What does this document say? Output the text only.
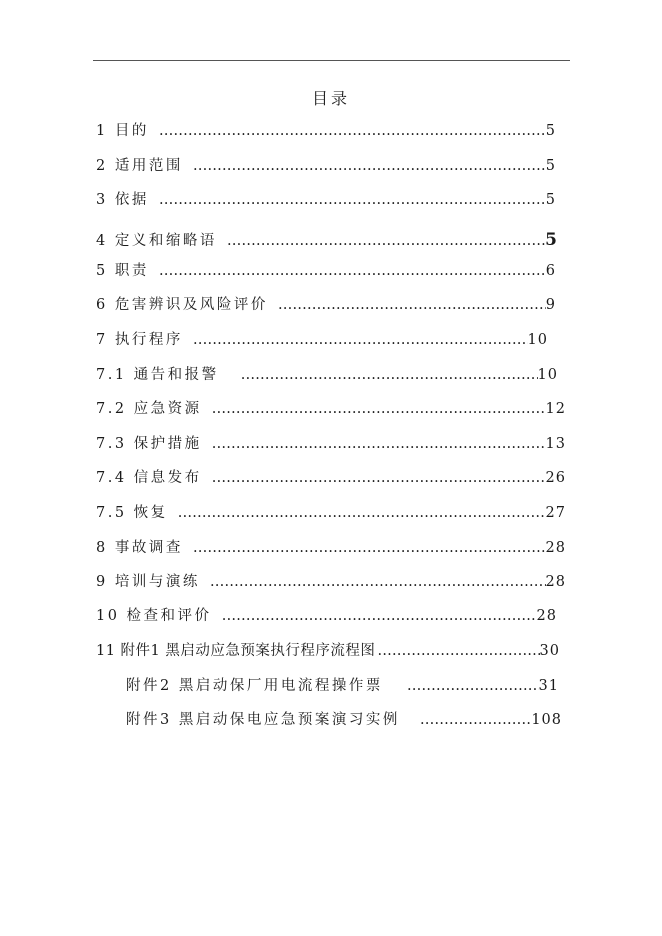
目录
1 目的 ………………………………………………………………………………………………………………	5
2 适用范围 ………………………………………………………………………………………………………………	5
3 依据 ………………………………………………………………………………………………………………	5
4 定义和缩略语 ………………………………………………………………………………………………………………	5
5 职责 ………………………………………………………………………………………………………………	6
6 危害辨识及风险评价 ………………………………………………………………………………………………………………	9
7 执行程序 ………………………………………………………………………………………………………………	10
7.1 通告和报警 ………………………………………………………………………………………………………………	10
7.2 应急资源 ………………………………………………………………………………………………………………	12
7.3 保护措施 ………………………………………………………………………………………………………………	13
7.4 信息发布 ………………………………………………………………………………………………………………	26
7.5 恢复 ………………………………………………………………………………………………………………	27
8 事故调查 ………………………………………………………………………………………………………………	28
9 培训与演练 ………………………………………………………………………………………………………………	28
10 检查和评价 ………………………………………………………………………………………………………………	28
11 附件1 黑启动应急预案执行程序流程图 ………………………………………………………………………………………………………………	30
附件2 黑启动保厂用电流程操作票 ………………………………………………………………………………………………………………	31
附件3 黑启动保电应急预案演习实例 ………………………………………………………………………………………………………………	108
